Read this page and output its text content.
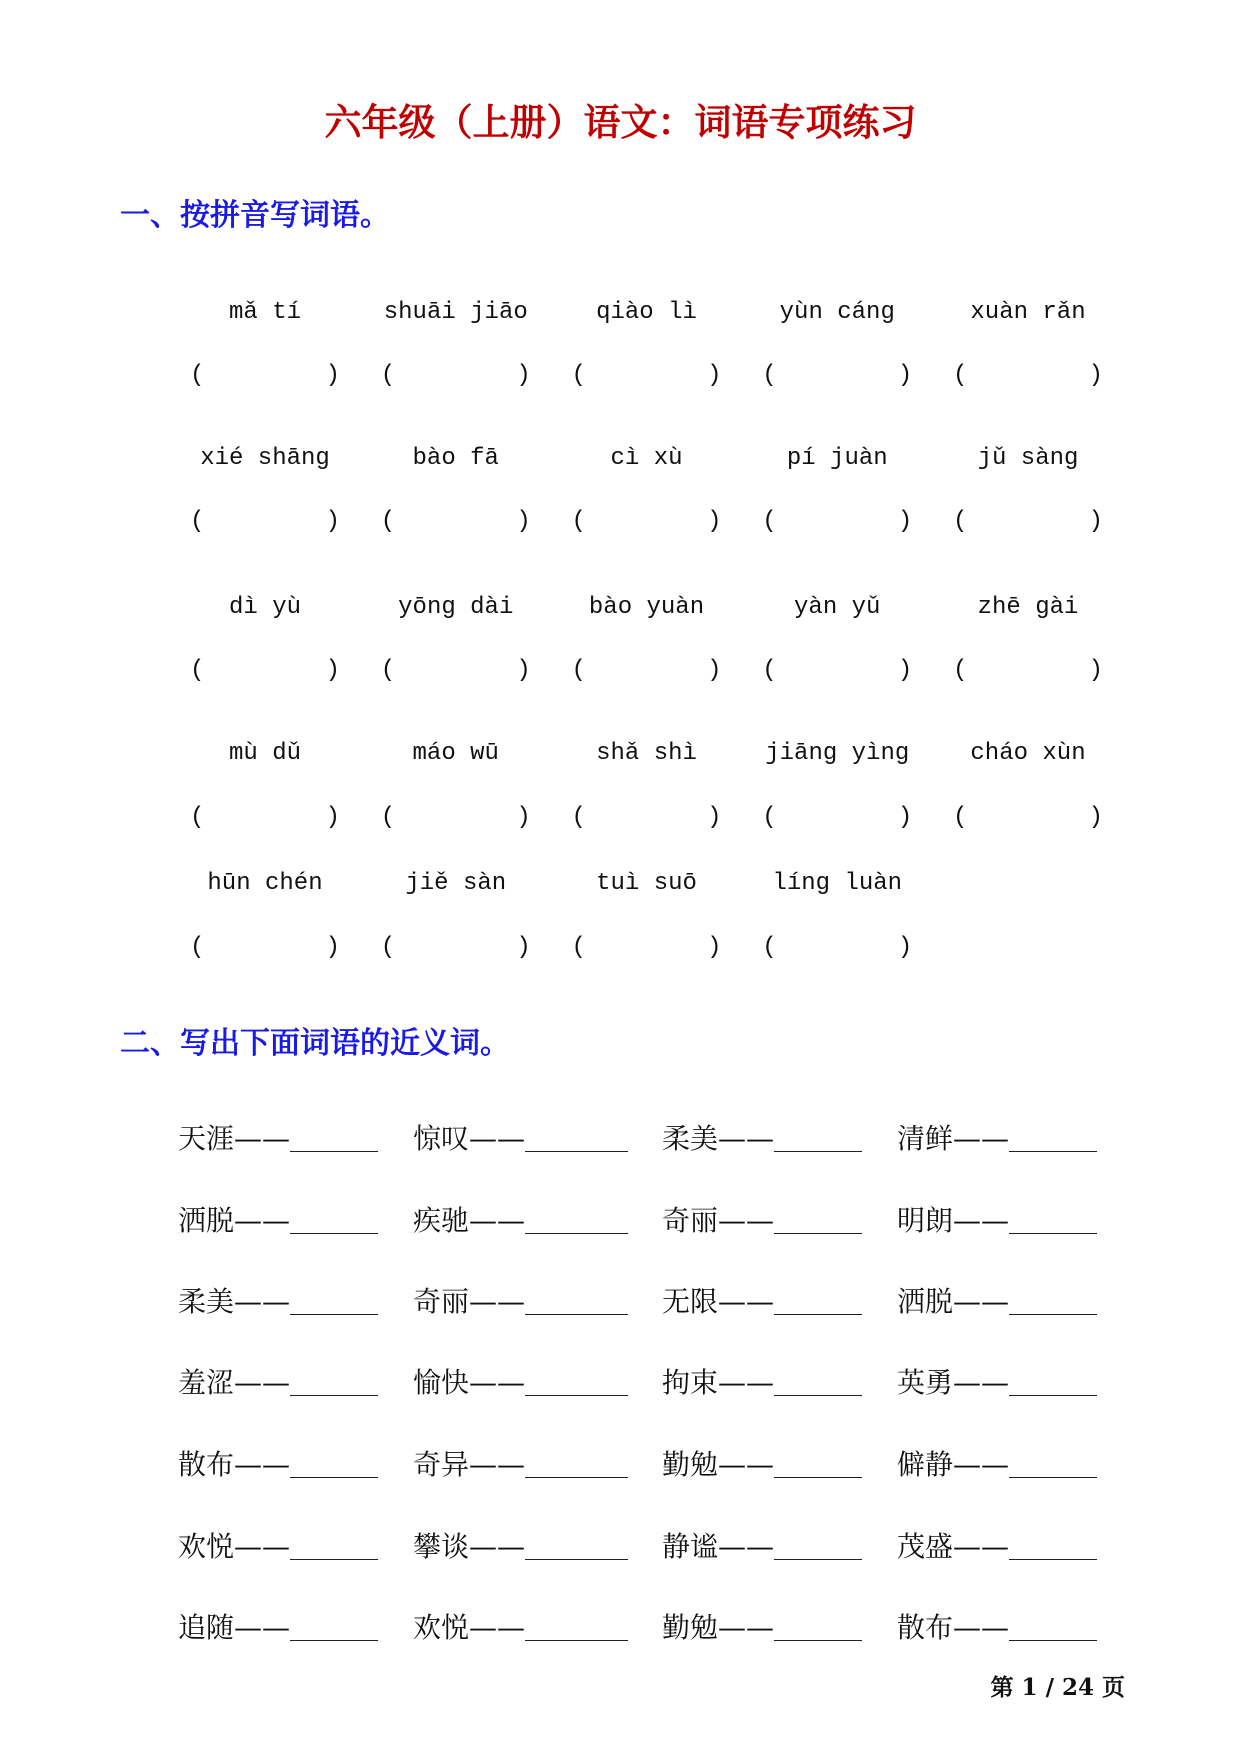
六年级（上册）语文：词语专项练习
一、按拼音写词语。
mǎ tí
(	)
shuāi jiāo
(	)
qiào lì
(	)
yùn cáng
(	)
xuàn rǎn
(	)
xié shāng
(	)
bào fā
(	)
cì xù
(	)
pí juàn
(	)
jǔ sàng
(	)
dì yù
(	)
yōng dài
(	)
bào yuàn
(	)
yàn yǔ
(	)
zhē gài
(	)
mù dǔ
(	)
máo wū
(	)
shǎ shì
(	)
jiāng yìng
(	)
cháo xùn
(	)
hūn chén
(	)
jiě sàn
(	)
tuì suō
(	)
líng luàn
(	)
二、写出下面词语的近义词。
天涯——	惊叹——	柔美——	清鲜——
洒脱——	疾驰——	奇丽——	明朗——
柔美——	奇丽——	无限——	洒脱——
羞涩——	愉快——	拘束——	英勇——
散布——	奇异——	勤勉——	僻静——
欢悦——	攀谈——	静谧——	茂盛——
追随——	欢悦——	勤勉——	散布——
第 1 / 24 页
